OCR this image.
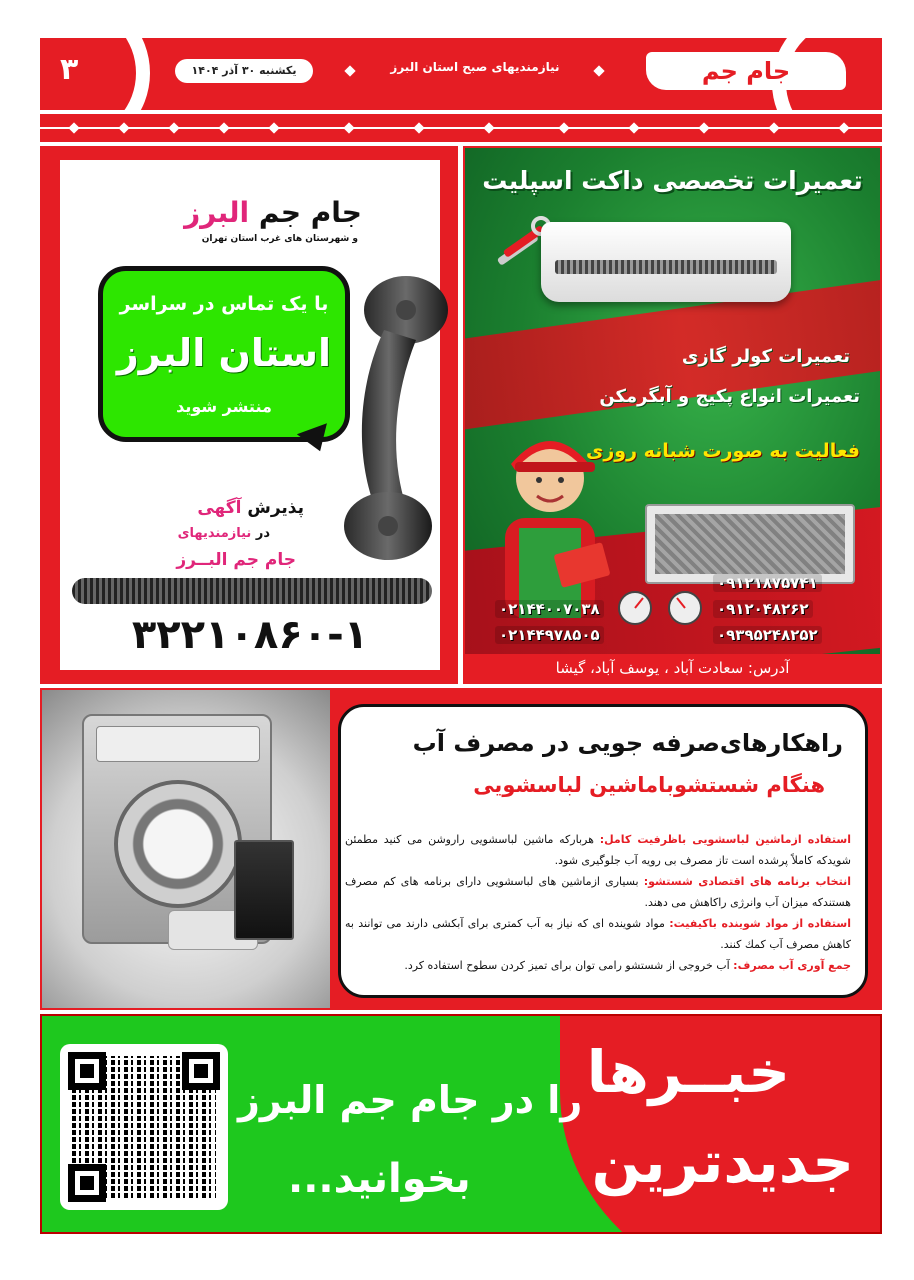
۳	یکشنبه ۳۰ آذر ۱۴۰۴	نیازمندیهای صبح استان البرز	جام جم
جام جم البرز
و شهرستان های غرب استان تهران
با یک تماس در سراسر
استان البرز
منتشر شوید
پذیرش آگهی
در نیازمندیهای
جام جم البــرز
۳۲۲۱۰۸۶۰-۱
تعمیرات تخصصی داکت اسپلیت
تعمیرات کولر گازی
تعمیرات انواع پکیج و آبگرمکن
فعالیت به صورت شبانه روزی
۰۹۱۲۱۸۷۵۷۴۱
۰۹۱۲۰۴۸۲۶۲
۰۹۳۹۵۲۴۸۲۵۲
۰۲۱۴۴۰۰۷۰۳۸
۰۲۱۴۴۹۷۸۵۰۵
آدرس: سعادت آباد ، یوسف آباد، گیشا
راهکارهای‌صرفه جویی در مصرف آب
هنگام شستشوباماشین لباسشویی

استفاده ازماشین لباسشویی باظرفیت کامل: هربارکه ماشین لباسشویی راروشن می کنید مطمئن شویدکه کاملاً پرشده است تاز مصرف بی رویه آب جلوگیری شود.

انتخاب برنامه های اقتصادی شستشو: بسیاری ازماشین های لباسشویی دارای برنامه های کم مصرف هستندکه میزان آب وانرژی راکاهش می دهند.

استفاده از مواد شوینده باکیفیت: مواد شوینده ای که نیاز به آب کمتری برای آبکشی دارند می توانند به کاهش مصرف آب کمك کنند.

جمع آوری آب مصرف: آب خروجی از شستشو رامی توان برای تمیز کردن سطوح استفاده کرد.

را در جام جم البرز
بخوانید...
خبــرها
جدیدترین
